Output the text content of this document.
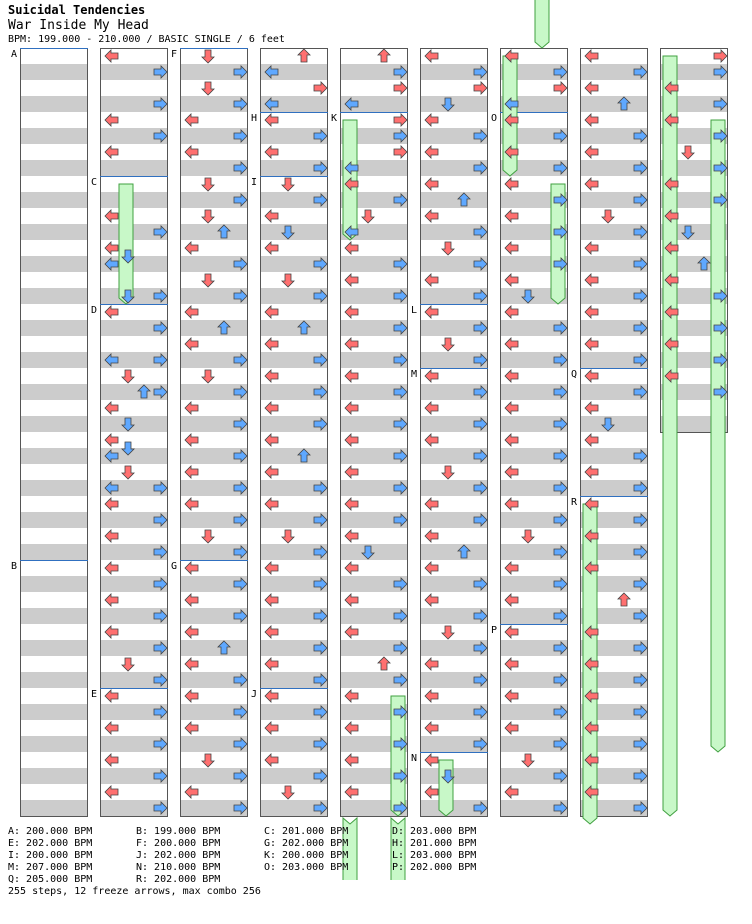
Suicidal Tendencies
War Inside My Head
BPM: 199.000 - 210.000 / BASIC SINGLE / 6 feet
A
B
C
D
E
F
G
H
I
J
K
L
M
N
O
P
Q
R
A: 200.000 BPM	B: 199.000 BPM	C: 201.000 BPM	D: 203.000 BPM
E: 202.000 BPM	F: 200.000 BPM	G: 202.000 BPM	H: 201.000 BPM
I: 200.000 BPM	J: 202.000 BPM	K: 200.000 BPM	L: 203.000 BPM
M: 207.000 BPM	N: 210.000 BPM	O: 203.000 BPM	P: 202.000 BPM
Q: 205.000 BPM	R: 202.000 BPM
255 steps, 12 freeze arrows, max combo 256
